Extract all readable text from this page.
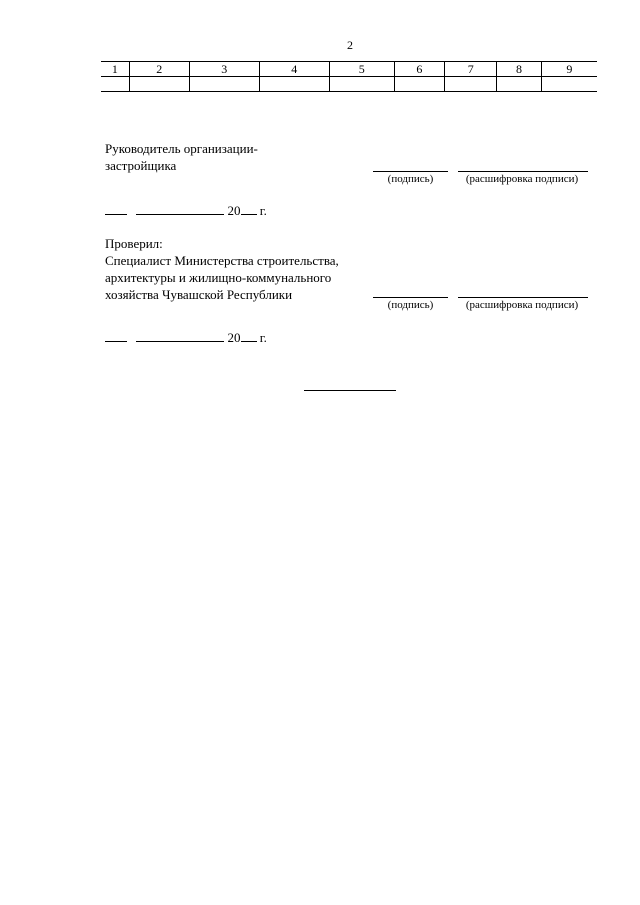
2
1	2	3	4	5	6	7	8	9

Руководитель организации-
застройщика
(подпись)	(расшифровка подписи)
20 г.
Проверил:
Специалист Министерства строительства,
архитектуры и жилищно-коммунального
хозяйства Чувашской Республики
(подпись)	(расшифровка подписи)
20 г.
